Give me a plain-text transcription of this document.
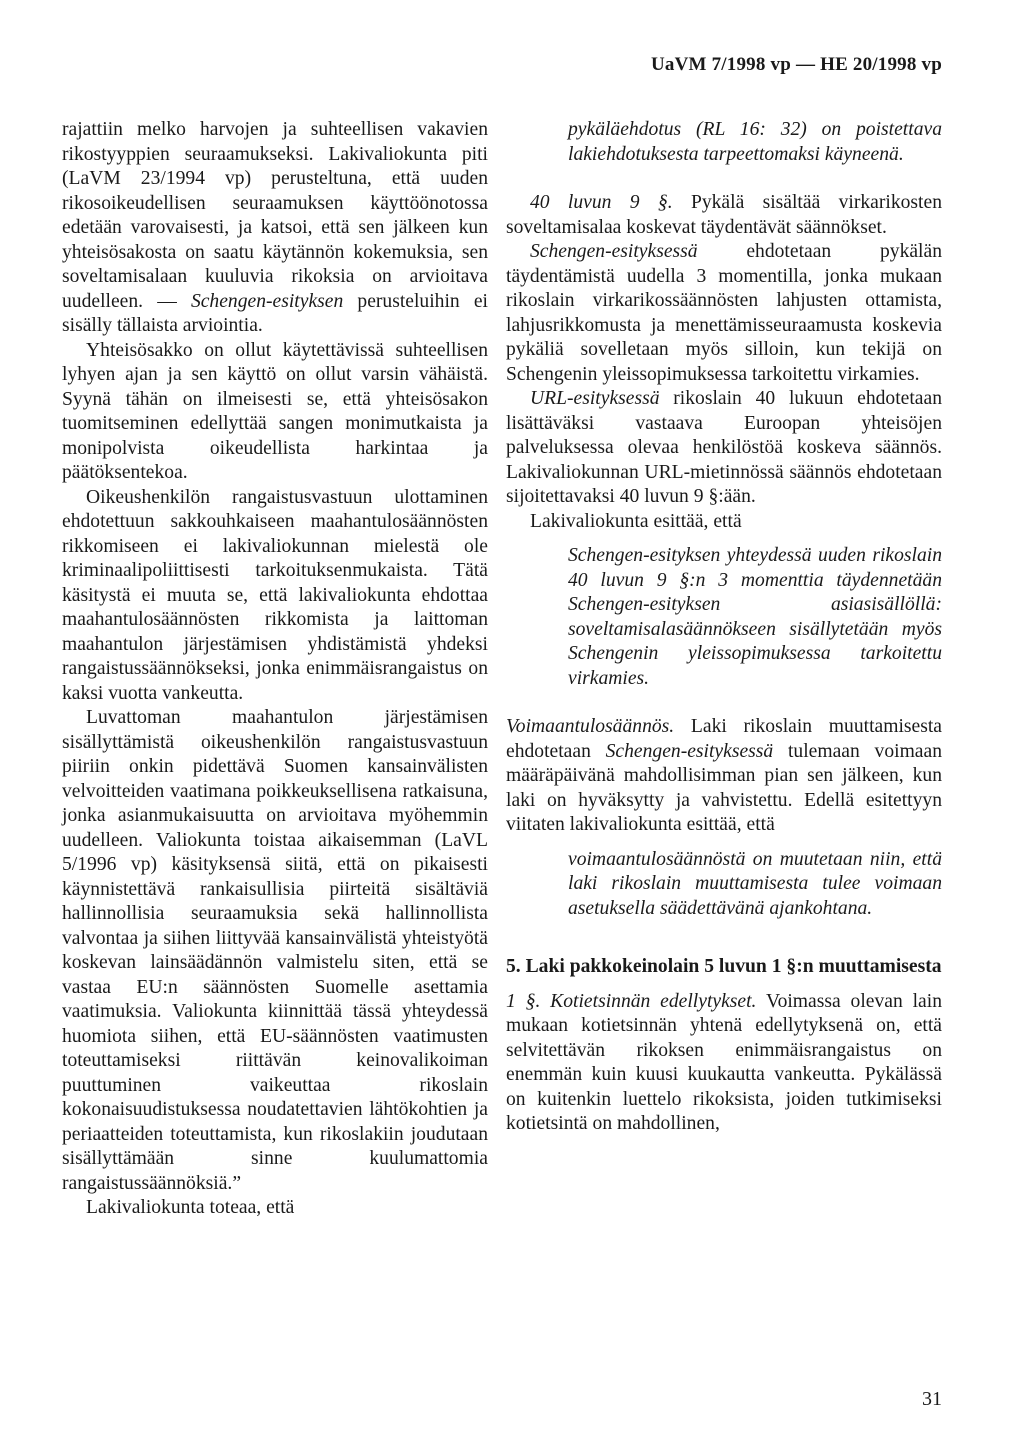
UaVM 7/1998 vp — HE 20/1998 vp

rajattiin melko harvojen ja suhteellisen vakavien rikostyyppien seuraamukseksi. Lakivaliokunta piti (LaVM 23/1994 vp) perusteltuna, että uuden rikosoikeudellisen seuraamuksen käyttöönotossa edetään varovaisesti, ja katsoi, että sen jälkeen kun yhteisösakosta on saatu käytännön kokemuksia, sen soveltamisalaan kuuluvia rikoksia on arvioitava uudelleen. — Schengen-esityksen perusteluihin ei sisälly tällaista arviointia.

Yhteisösakko on ollut käytettävissä suhteellisen lyhyen ajan ja sen käyttö on ollut varsin vähäistä. Syynä tähän on ilmeisesti se, että yhteisösakon tuomitseminen edellyttää sangen monimutkaista ja monipolvista oikeudellista harkintaa ja päätöksentekoa.

Oikeushenkilön rangaistusvastuun ulottaminen ehdotettuun sakkouhkaiseen maahantulosäännösten rikkomiseen ei lakivaliokunnan mielestä ole kriminaalipoliittisesti tarkoituksenmukaista. Tätä käsitystä ei muuta se, että lakivaliokunta ehdottaa maahantulosäännösten rikkomista ja laittoman maahantulon järjestämisen yhdistämistä yhdeksi rangaistussäännökseksi, jonka enimmäisrangaistus on kaksi vuotta vankeutta.

Luvattoman maahantulon järjestämisen sisällyttämistä oikeushenkilön rangaistusvastuun piiriin onkin pidettävä Suomen kansainvälisten velvoitteiden vaatimana poikkeuksellisena ratkaisuna, jonka asianmukaisuutta on arvioitava myöhemmin uudelleen. Valiokunta toistaa aikaisemman (LaVL 5/1996 vp) käsityksensä siitä, että on pikaisesti käynnistettävä rankaisullisia piirteitä sisältäviä hallinnollisia seuraamuksia sekä hallinnollista valvontaa ja siihen liittyvää kansainvälistä yhteistyötä koskevan lainsäädännön valmistelu siten, että se vastaa EU:n säännösten Suomelle asettamia vaatimuksia. Valiokunta kiinnittää tässä yhteydessä huomiota siihen, että EU-säännösten vaatimusten toteuttamiseksi riittävän keinovalikoiman puuttuminen vaikeuttaa rikoslain kokonaisuudistuksessa noudatettavien lähtökohtien ja periaatteiden toteuttamista, kun rikoslakiin joudutaan sisällyttämään sinne kuulumattomia rangaistussäännöksiä.”

Lakivaliokunta toteaa, että

pykäläehdotus (RL 16: 32) on poistettava lakiehdotuksesta tarpeettomaksi käyneenä.

40 luvun 9 §. Pykälä sisältää virkarikosten soveltamisalaa koskevat täydentävät säännökset.

Schengen-esityksessä ehdotetaan pykälän täydentämistä uudella 3 momentilla, jonka mukaan rikoslain virkarikossäännösten lahjusten ottamista, lahjusrikkomusta ja menettämisseuraamusta koskevia pykäliä sovelletaan myös silloin, kun tekijä on Schengenin yleissopimuksessa tarkoitettu virkamies.

URL-esityksessä rikoslain 40 lukuun ehdotetaan lisättäväksi vastaava Euroopan yhteisöjen palveluksessa olevaa henkilöstöä koskeva säännös. Lakivaliokunnan URL-mietinnössä säännös ehdotetaan sijoitettavaksi 40 luvun 9 §:ään.

Lakivaliokunta esittää, että

Schengen-esityksen yhteydessä uuden rikoslain 40 luvun 9 §:n 3 momenttia täydennetään Schengen-esityksen asiasisällöllä: soveltamisalasäännökseen sisällytetään myös Schengenin yleissopimuksessa tarkoitettu virkamies.

Voimaantulosäännös. Laki rikoslain muuttamisesta ehdotetaan Schengen-esityksessä tulemaan voimaan määräpäivänä mahdollisimman pian sen jälkeen, kun laki on hyväksytty ja vahvistettu. Edellä esitettyyn viitaten lakivaliokunta esittää, että

voimaantulosäännöstä on muutetaan niin, että laki rikoslain muuttamisesta tulee voimaan asetuksella säädettävänä ajankohtana.

5. Laki pakkokeinolain 5 luvun 1 §:n muuttamisesta

1 §. Kotietsinnän edellytykset. Voimassa olevan lain mukaan kotietsinnän yhtenä edellytyksenä on, että selvitettävän rikoksen enimmäisrangaistus on enemmän kuin kuusi kuukautta vankeutta. Pykälässä on kuitenkin luettelo rikoksista, joiden tutkimiseksi kotietsintä on mahdollinen,

31
